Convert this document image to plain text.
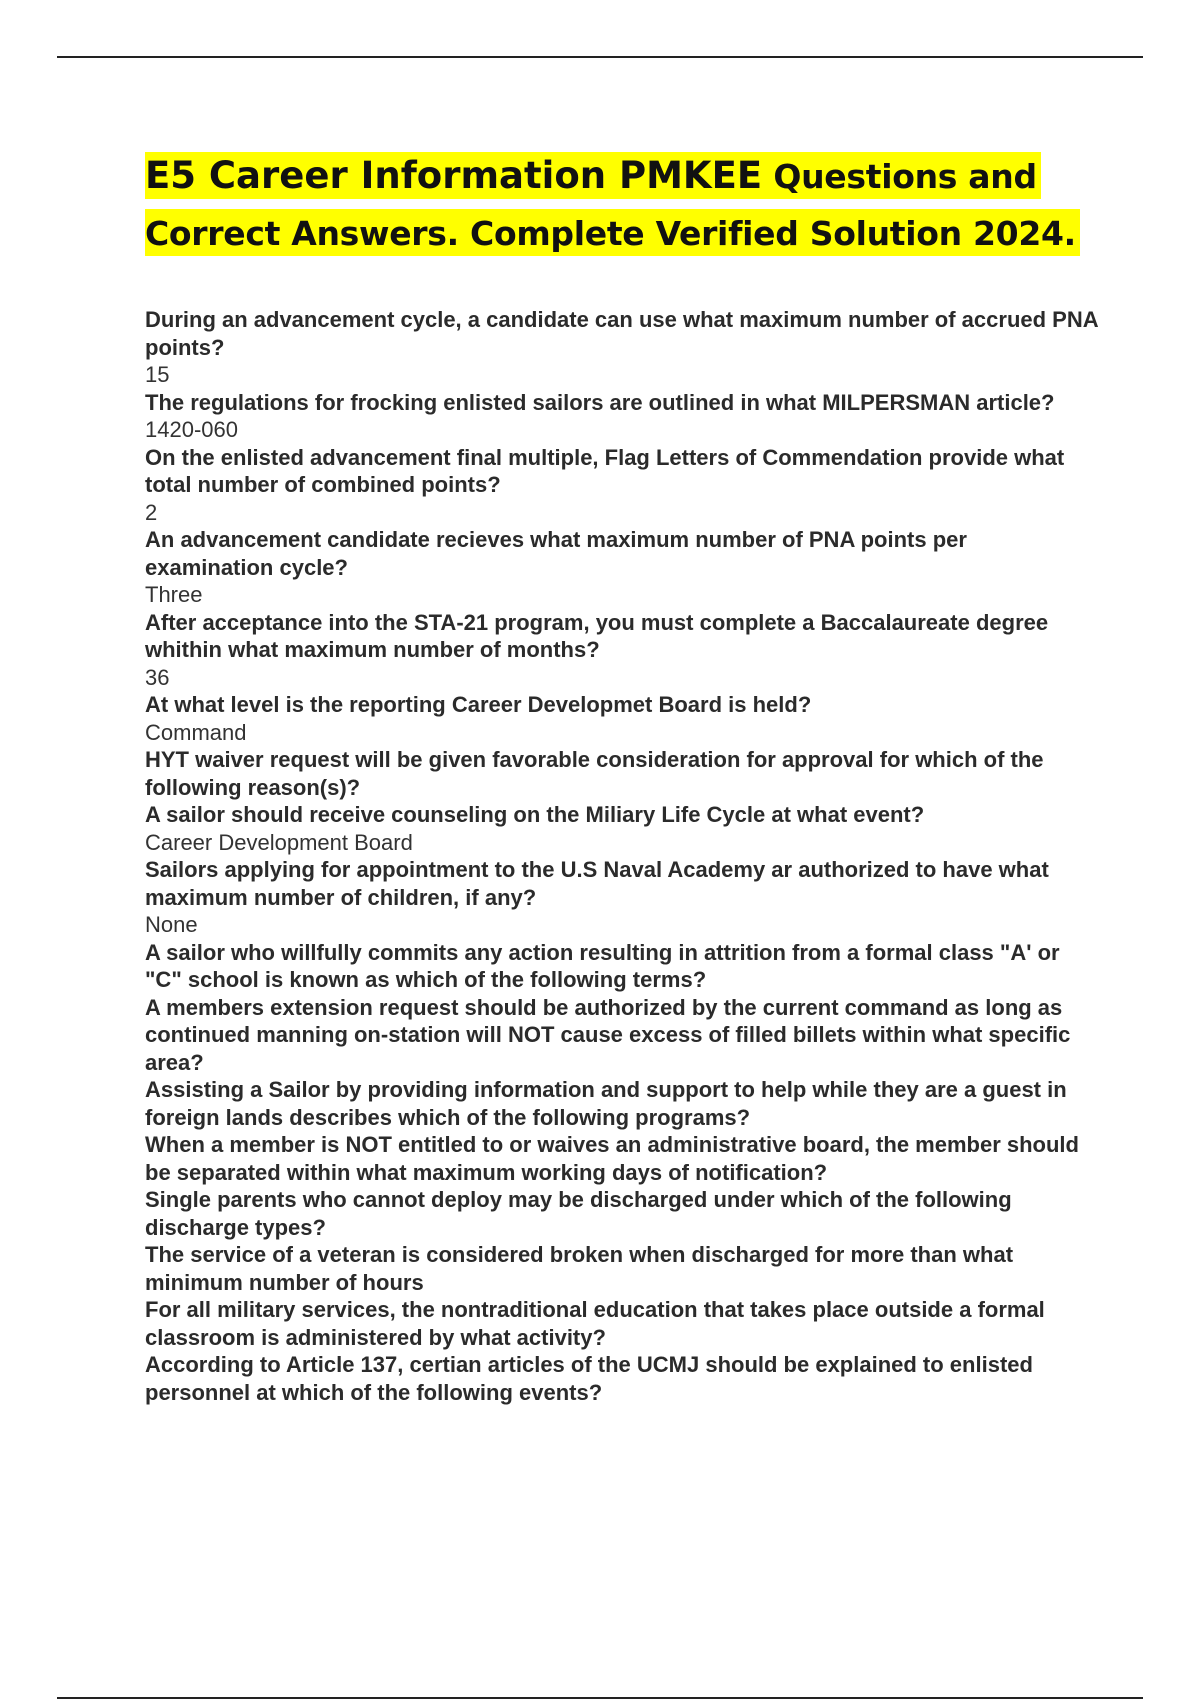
E5 Career Information PMKEE Questions and Correct Answers. Complete Verified Solution 2024.

During an advancement cycle, a candidate can use what maximum number of accrued PNA points?

15

The regulations for frocking enlisted sailors are outlined in what MILPERSMAN article?

1420-060

On the enlisted advancement final multiple, Flag Letters of Commendation provide what total number of combined points?

2

An advancement candidate recieves what maximum number of PNA points per examination cycle?

Three

After acceptance into the STA-21 program, you must complete a Baccalaureate degree whithin what maximum number of months?

36

At what level is the reporting Career Developmet Board is held?

Command

HYT waiver request will be given favorable consideration for approval for which of the following reason(s)?

A sailor should receive counseling on the Miliary Life Cycle at what event?

Career Development Board

Sailors applying for appointment to the U.S Naval Academy ar authorized to have what maximum number of children, if any?

None

A sailor who willfully commits any action resulting in attrition from a formal class "A' or "C" school is known as which of the following terms?

A members extension request should be authorized by the current command as long as continued manning on-station will NOT cause excess of filled billets within what specific area?

Assisting a Sailor by providing information and support to help while they are a guest in foreign lands describes which of the following programs?

When a member is NOT entitled to or waives an administrative board, the member should be separated within what maximum working days of notification?

Single parents who cannot deploy may be discharged under which of the following discharge types?

The service of a veteran is considered broken when discharged for more than what minimum number of hours

For all military services, the nontraditional education that takes place outside a formal classroom is administered by what activity?

According to Article 137, certian articles of the UCMJ should be explained to enlisted personnel at which of the following events?
